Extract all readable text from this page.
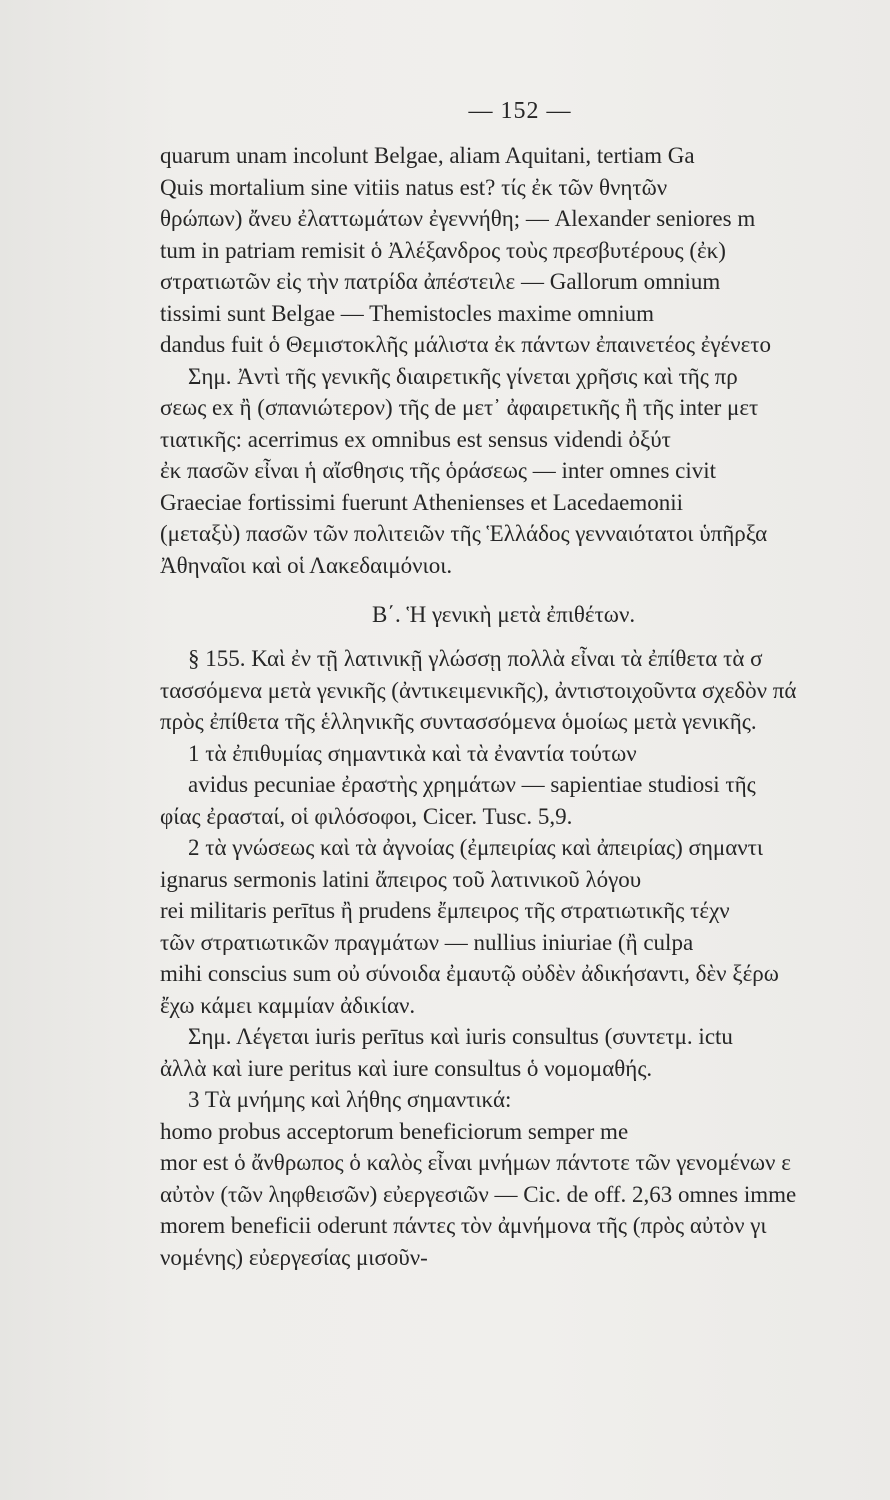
— 152 —
quarum unam incolunt Belgae, aliam Aquitani, tertiam Ga
Quis mortalium sine vitiis natus est? τίς ἐκ τῶν θνητῶν
θρώπων) ἄνευ ἐλαττωμάτων ἐγεννήθη; — Alexander seniores m
tum in patriam remisit ὁ Ἀλέξανδρος τοὺς πρεσβυτέρους (ἐκ)
στρατιωτῶν εἰς τὴν πατρίδα ἀπέστειλε — Gallorum omnium
tissimi sunt Belgae — Themistocles maxime omnium
dandus fuit ὁ Θεμιστοκλῆς μάλιστα ἐκ πάντων ἐπαινετέος ἐγένετο
Σημ. Ἀντὶ τῆς γενικῆς διαιρετικῆς γίνεται χρῆσις καὶ τῆς πρ
σεως ex ἢ (σπανιώτερον) τῆς de μετ᾽ ἀφαιρετικῆς ἢ τῆς inter μετ
τιατικῆς: acerrimus ex omnibus est sensus videndi ὀξύτ
ἐκ πασῶν εἶναι ἡ αἴσθησις τῆς ὁράσεως — inter omnes civit
Graeciae fortissimi fuerunt Athenienses et Lacedaemonii
(μεταξὺ) πασῶν τῶν πολιτειῶν τῆς Ἑλλάδος γενναιότατοι ὑπῆρξα
Ἀθηναῖοι καὶ οἱ Λακεδαιμόνιοι.
Β΄. Ἡ γενικὴ μετὰ ἐπιθέτων.
§ 155. Καὶ ἐν τῇ λατινικῇ γλώσσῃ πολλὰ εἶναι τὰ ἐπίθετα τὰ σ
τασσόμενα μετὰ γενικῆς (ἀντικειμενικῆς), ἀντιστοιχοῦντα σχεδὸν πά
πρὸς ἐπίθετα τῆς ἑλληνικῆς συντασσόμενα ὁμοίως μετὰ γενικῆς.
1 τὰ ἐπιθυμίας σημαντικὰ καὶ τὰ ἐναντία τούτων
avidus pecuniae ἐραστὴς χρημάτων — sapientiae studiosi τῆς
φίας ἐρασταί, οἱ φιλόσοφοι, Cicer. Tusc. 5,9.
2 τὰ γνώσεως καὶ τὰ ἀγνοίας (ἐμπειρίας καὶ ἀπειρίας) σημαντι
ignarus sermonis latini ἄπειρος τοῦ λατινικοῦ λόγου
rei militaris perītus ἢ prudens ἔμπειρος τῆς στρατιωτικῆς τέχν
τῶν στρατιωτικῶν πραγμάτων — nullius iniuriae (ἢ culpa
mihi conscius sum οὐ σύνοιδα ἐμαυτῷ οὐδὲν ἀδικήσαντι, δὲν ξέρω
ἔχω κάμει καμμίαν ἀδικίαν.
Σημ. Λέγεται iuris perītus καὶ iuris consultus (συντετμ. ictu
ἀλλὰ καὶ iure peritus καὶ iure consultus ὁ νομομαθής.
3 Τὰ μνήμης καὶ λήθης σημαντικά:
homo probus acceptorum beneficiorum semper me
mor est ὁ ἄνθρωπος ὁ καλὸς εἶναι μνήμων πάντοτε τῶν γενομένων ε
αὐτὸν (τῶν ληφθεισῶν) εὐεργεσιῶν — Cic. de off. 2,63 omnes imme
morem beneficii oderunt πάντες τὸν ἀμνήμονα τῆς (πρὸς αὐτὸν γι
νομένης) εὐεργεσίας μισοῦν-
